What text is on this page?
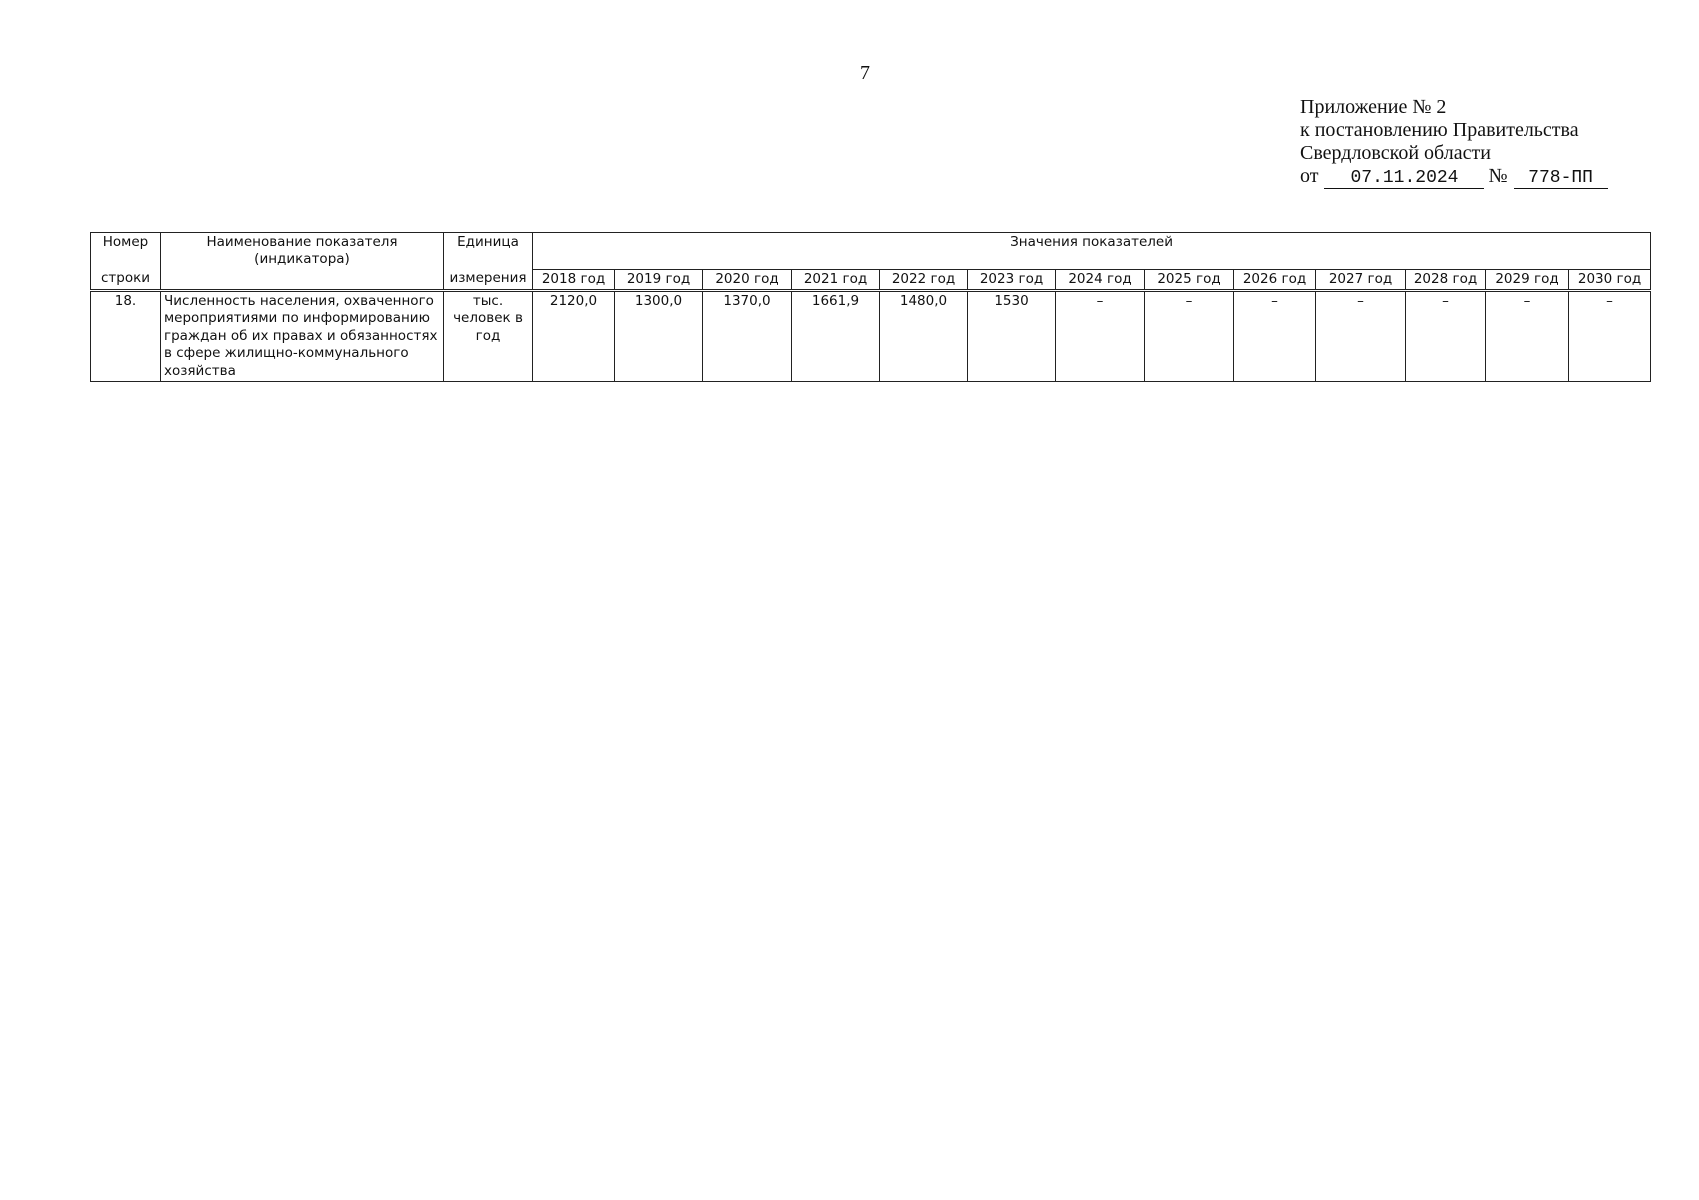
7
Приложение № 2
к постановлению Правительства
Свердловской области
от 07.11.2024 № 778-ПП
Номер	Наименование показателя (индикатора)	Единица	Значения показателей												
строки		измерения	2018 год	2019 год	2020 год	2021 год	2022 год	2023 год	2024 год	2025 год	2026 год	2027 год	2028 год	2029 год	2030 год
18.	Численность населения, охваченного мероприятиями по информированию граждан об их правах и обязанностях в сфере жилищно-коммунального хозяйства	тыс. человек в год	2120,0	1300,0	1370,0	1661,9	1480,0	1530	–	–	–	–	–	–	–
